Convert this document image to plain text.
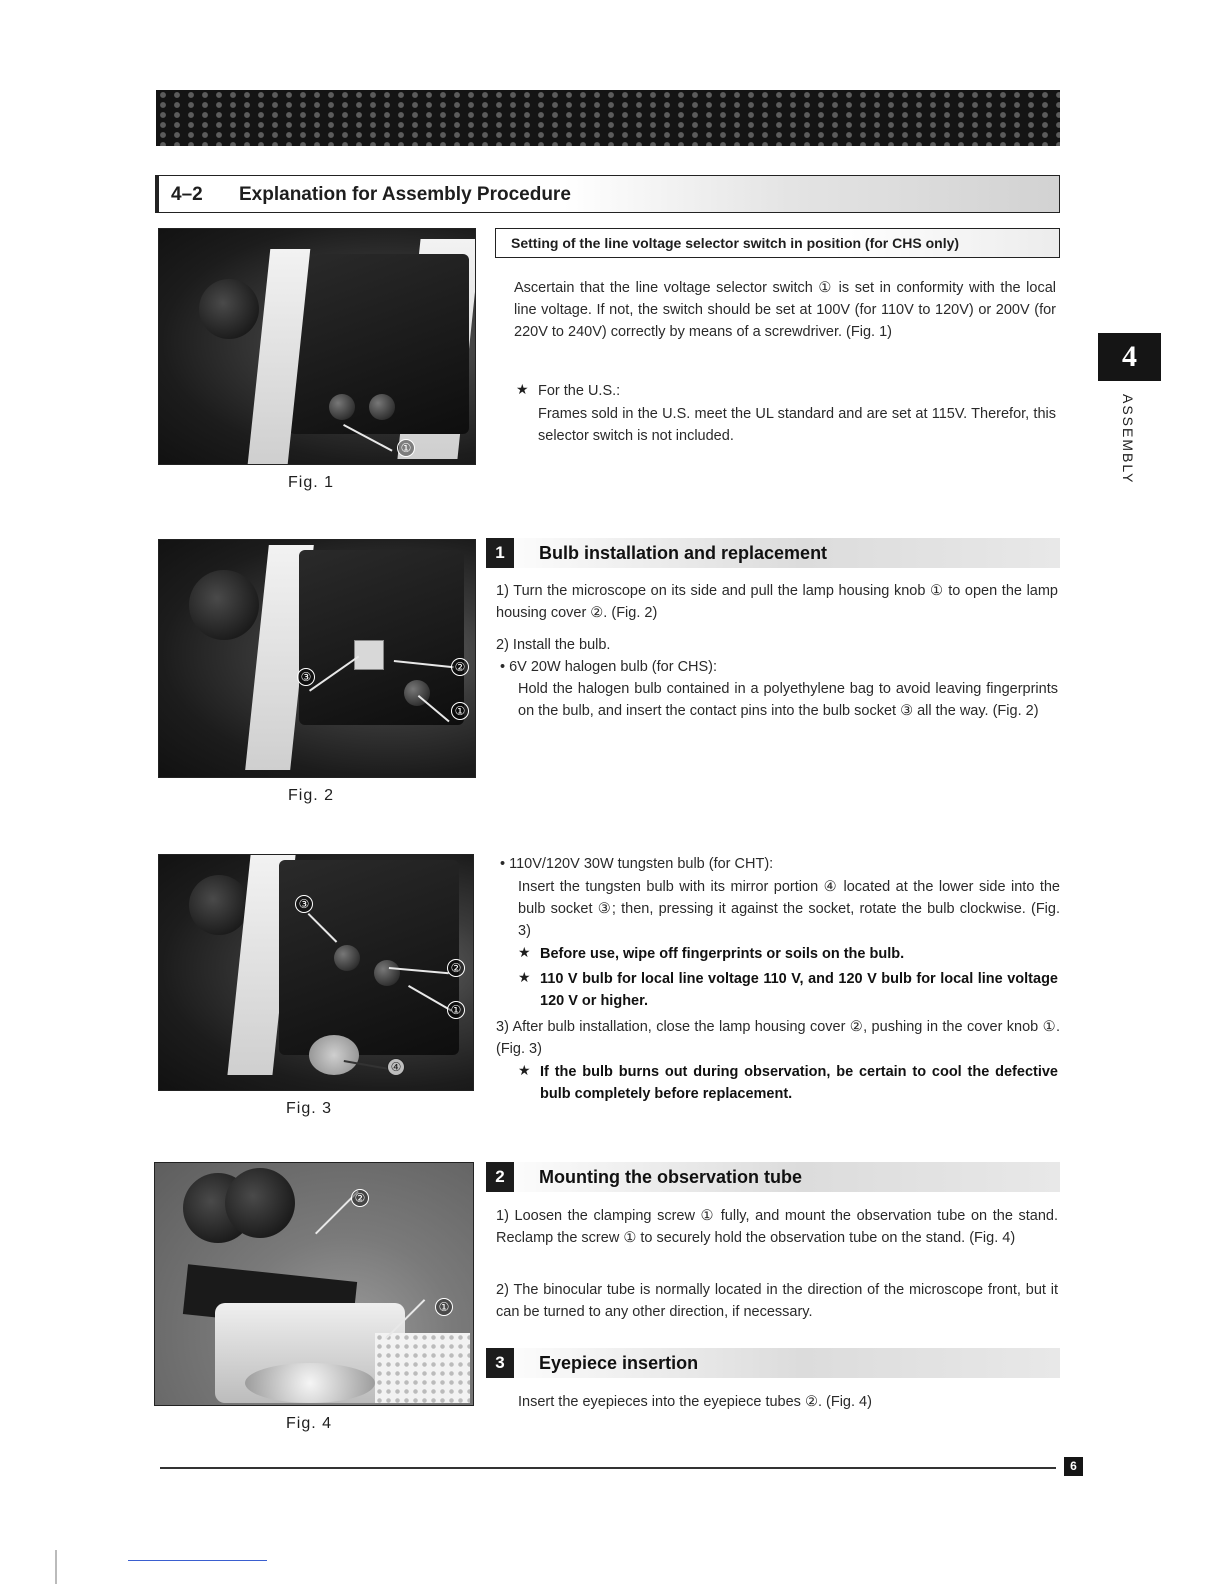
4–2 Explanation for Assembly Procedure
4
ASSEMBLY
①
Fig. 1
Setting of the line voltage selector switch in position (for CHS only)

Ascertain that the line voltage selector switch ① is set in conformity with the local line voltage. If not, the switch should be set at 100V (for 110V to 120V) or 200V (for 220V to 240V) correctly by means of a screwdriver. (Fig. 1)

★ For the U.S.:

Frames sold in the U.S. meet the UL standard and are set at 115V. Therefor, this selector switch is not included.

③
②
①
Fig. 2
1	Bulb installation and replacement

1) Turn the microscope on its side and pull the lamp housing knob ① to open the lamp housing cover ②. (Fig. 2)

2) Install the bulb.

• 6V 20W halogen bulb (for CHS):

Hold the halogen bulb contained in a polyethylene bag to avoid leaving fingerprints on the bulb, and insert the contact pins into the bulb socket ③ all the way. (Fig. 2)

③
②
①
④
Fig. 3

• 110V/120V 30W tungsten bulb (for CHT):

Insert the tungsten bulb with its mirror portion ④ located at the lower side into the bulb socket ③; then, pressing it against the socket, rotate the bulb clockwise. (Fig. 3)

★ Before use, wipe off fingerprints or soils on the bulb.

★ 110 V bulb for local line voltage 110 V, and 120 V bulb for local line voltage 120 V or higher.

3) After bulb installation, close the lamp housing cover ②, pushing in the cover knob ①. (Fig. 3)

★ If the bulb burns out during observation, be certain to cool the defective bulb completely before replacement.

②
①
Fig. 4
2	Mounting the observation tube

1) Loosen the clamping screw ① fully, and mount the observation tube on the stand. Reclamp the screw ① to securely hold the observation tube on the stand. (Fig. 4)

2) The binocular tube is normally located in the direction of the microscope front, but it can be turned to any other direction, if necessary.

3	Eyepiece insertion

Insert the eyepieces into the eyepiece tubes ②. (Fig. 4)

6
